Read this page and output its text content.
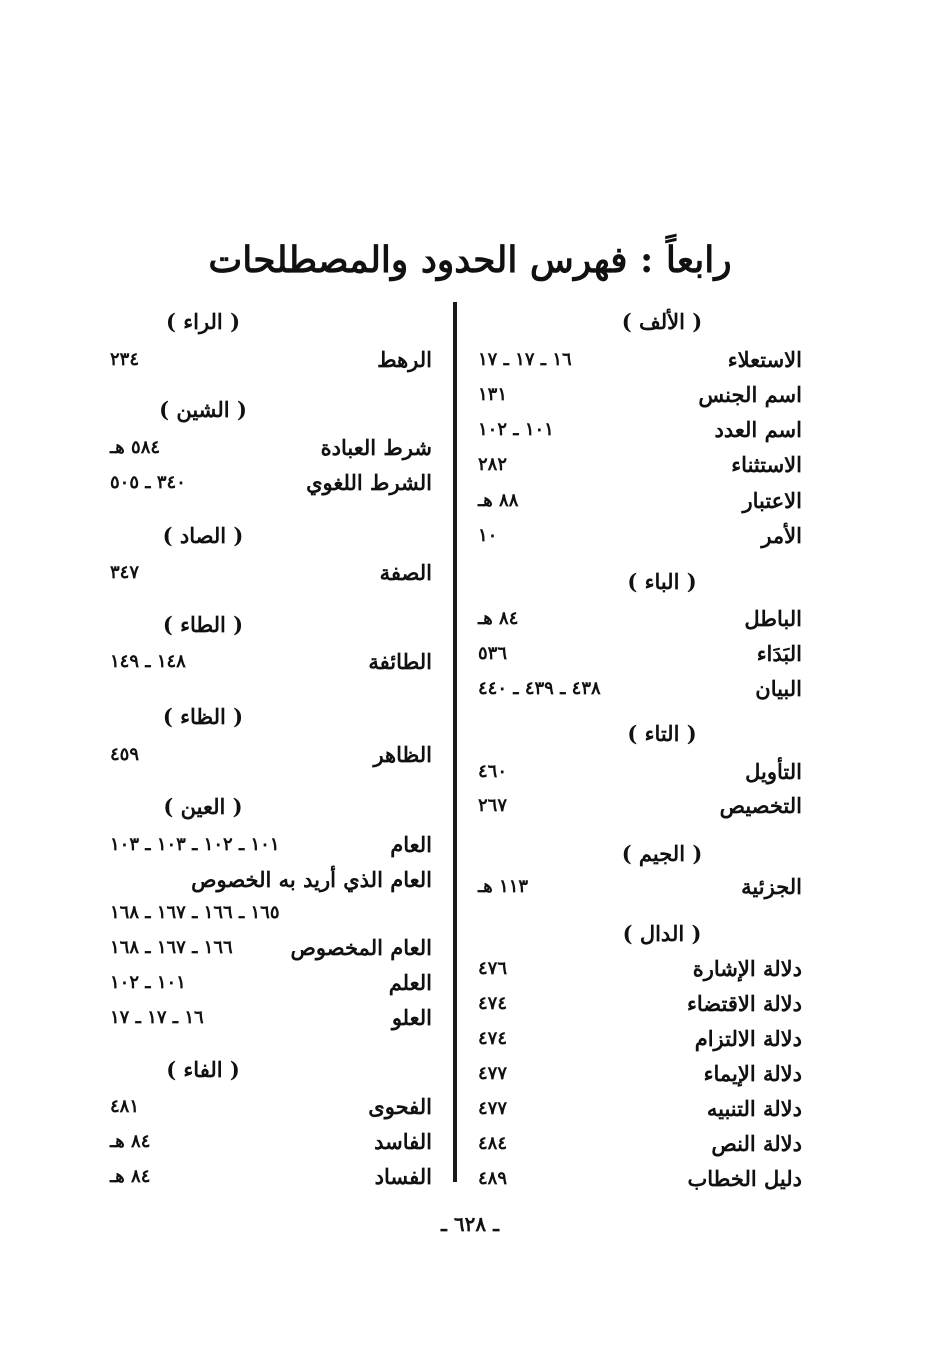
رابعاً : فهرس الحدود والمصطلحات
( الألف )
الاستعلاء
١٦ ـ ١٧ ـ ١٧
اسم الجنس
١٣١
اسم العدد
١٠١ ـ ١٠٢
الاستثناء
٢٨٢
الاعتبار
٨٨ هـ
الأمر
١٠
( الباء )
الباطل
٨٤ هـ
البَدَاء
٥٣٦
البيان
٤٣٨ ـ ٤٣٩ ـ ٤٤٠
( التاء )
التأويل
٤٦٠
التخصيص
٢٦٧
( الجيم )
الجزئية
١١٣ هـ
( الدال )
دلالة الإشارة
٤٧٦
دلالة الاقتضاء
٤٧٤
دلالة الالتزام
٤٧٤
دلالة الإيماء
٤٧٧
دلالة التنبيه
٤٧٧
دلالة النص
٤٨٤
دليل الخطاب
٤٨٩
( الراء )
الرهط
٢٣٤
( الشين )
شرط العبادة
٥٨٤ هـ
الشرط اللغوي
٣٤٠ ـ ٥٠٥
( الصاد )
الصفة
٣٤٧
( الطاء )
الطائفة
١٤٨ ـ ١٤٩
( الظاء )
الظاهر
٤٥٩
( العين )
العام
١٠١ ـ ١٠٢ ـ ١٠٣ ـ ١٠٣
العام الذي أريد به الخصوص
١٦٥ ـ ١٦٦ ـ ١٦٧ ـ ١٦٨
العام المخصوص
١٦٦ ـ ١٦٧ ـ ١٦٨
العلم
١٠١ ـ ١٠٢
العلو
١٦ ـ ١٧ ـ ١٧
( الفاء )
الفحوى
٤٨١
الفاسد
٨٤ هـ
الفساد
٨٤ هـ
ـ ٦٢٨ ـ
